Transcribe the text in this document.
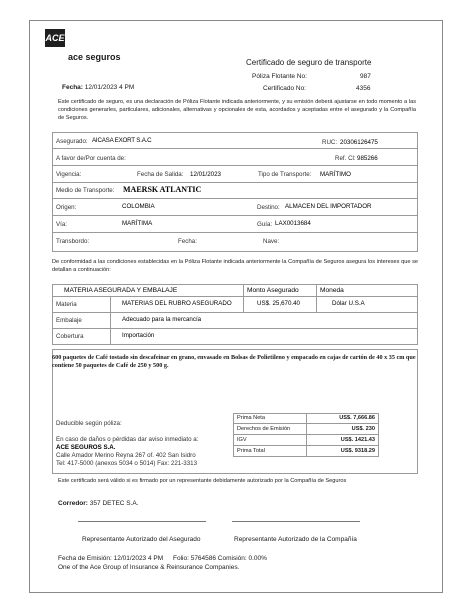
ACE
ace seguros
Certificado de seguro de transporte
Póliza Flotante No:	987
Certificado No:	4356
Fecha: 12/01/2023 4 PM
Este certificado de seguro, es una declaración de Póliza Flotante indicada anteriormente, y su emisión deberá ajustarse en todo momento a las condiciones generarles, particulares, adicionales, alternativas y opcionales de esta, acordados y aceptadas entre el asegurado y la Compañía de Seguros.
Asegurado: AICASA EXORT S.A.C	RUC: 20306126475
A favor de/Por cuenta de:	Ref. Cl: 985266
Vigencia:	Fecha de Salida: 12/01/2023	Tipo de Transporte: MARÍTIMO
Medio de Transporte: MAERSK ATLANTIC
Origen:	COLOMBIA	Destino: ALMACEN DEL IMPORTADOR
Vía:	MARÍTIMA	Guía: LAX0013684
Transbordo:	Fecha:	Nave:
De conformidad a las condiciones establecidas en la Póliza Flotante indicada anteriormente la Compañía de Seguros asegura los intereses que se detallan a continuación:
MATERIA ASEGURADA Y EMBALAJE	Monto Asegurado	Moneda
Materia	MATERIAS DEL RUBRO ASEGURADO	US$. 25,670.40	Dólar U.S.A
Embalaje	Adecuado para la mercancía
Cobertura	Importación
600 paquetes de Café tostado sin descafeinar en grano, envasado en Bolsas de Polietileno y empacado en cajas de cartón de 40 x 35 cm que contiene 50 paquetes de Café de 250 y 500 g.
Deducible según póliza:
En caso de daños o pérdidas dar aviso inmediato a:
ACE SEGUROS S.A.
Calle Amador Merino Reyna 267 of. 402 San Isidro
Tel: 417-5000 (anexos 5034 o 5014) Fax: 221-3313
Prima Neta	US$. 7,666.86
Derechos de Emisión	US$. 230
IGV	US$. 1421.43
Prima Total	US$. 9318.29
Este certificado será válido si es firmado por un representante debidamente autorizado por la Compañía de Seguros
Corredor: 357 DETEC S.A.
Representante Autorizado del Asegurado	Representante Autorizado de la Compañía
Fecha de Emisión: 12/01/2023 4 PM Folio: 5764586 Comisión: 0.00%
One of the Ace Group of Insurance & Reinsurance Companies.
